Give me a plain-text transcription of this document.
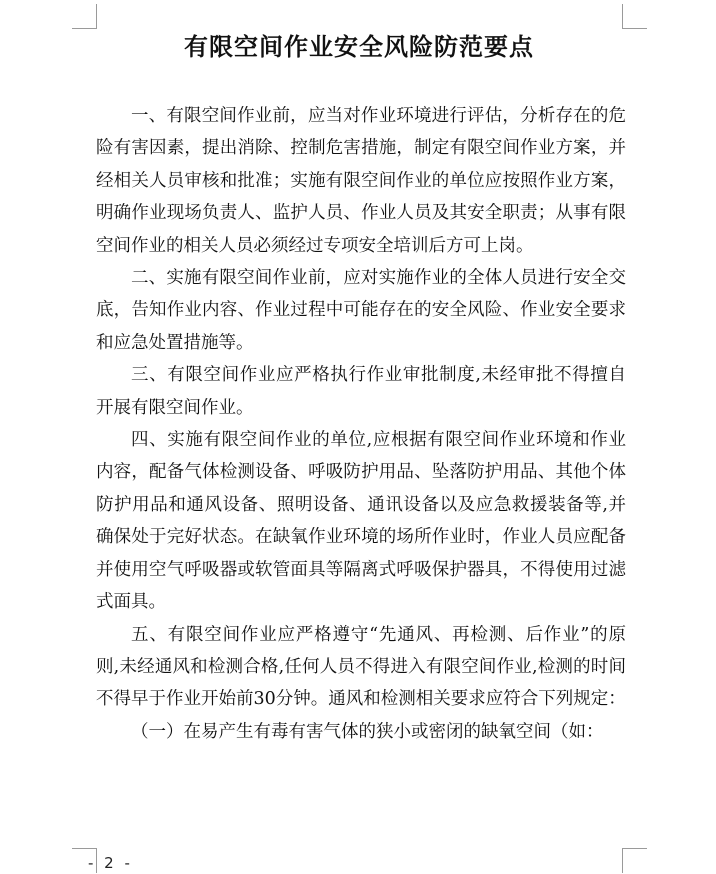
有限空间作业安全风险防范要点

一、有限空间作业前，应当对作业环境进行评估，分析存在的危险有害因素，提出消除、控制危害措施，制定有限空间作业方案，并经相关人员审核和批准；实施有限空间作业的单位应按照作业方案，明确作业现场负责人、监护人员、作业人员及其安全职责；从事有限空间作业的相关人员必须经过专项安全培训后方可上岗。

二、实施有限空间作业前，应对实施作业的全体人员进行安全交底，告知作业内容、作业过程中可能存在的安全风险、作业安全要求和应急处置措施等。

三、有限空间作业应严格执行作业审批制度,未经审批不得擅自开展有限空间作业。

四、实施有限空间作业的单位,应根据有限空间作业环境和作业内容，配备气体检测设备、呼吸防护用品、坠落防护用品、其他个体防护用品和通风设备、照明设备、通讯设备以及应急救援装备等,并确保处于完好状态。在缺氧作业环境的场所作业时，作业人员应配备并使用空气呼吸器或软管面具等隔离式呼吸保护器具，不得使用过滤式面具。

五、有限空间作业应严格遵守“先通风、再检测、后作业”的原则,未经通风和检测合格,任何人员不得进入有限空间作业,检测的时间不得早于作业开始前30分钟。通风和检测相关要求应符合下列规定：

（一）在易产生有毒有害气体的狭小或密闭的缺氧空间（如：

- 2 -
